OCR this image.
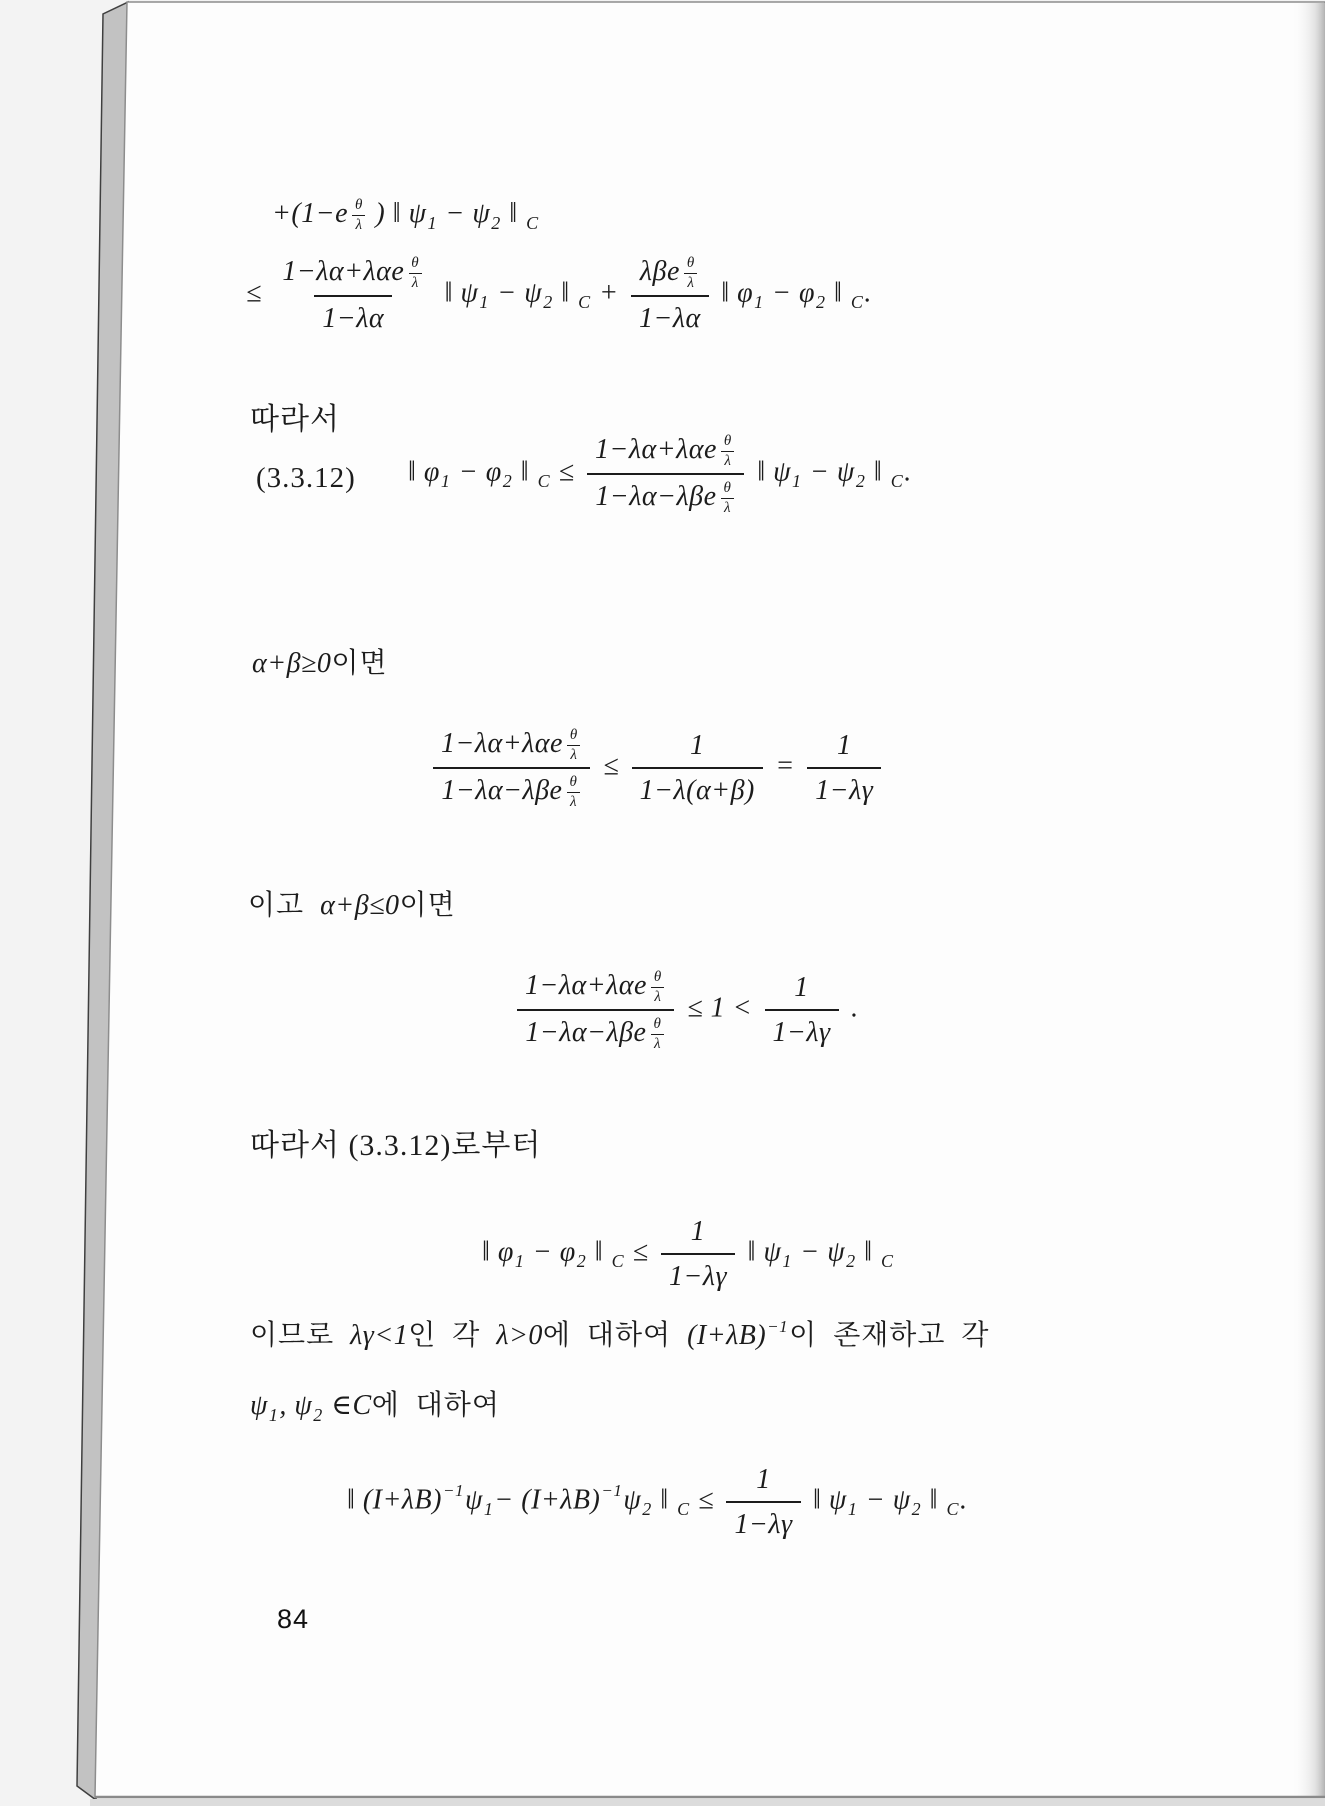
$+(1-e \frac{\theta}{\lambda}$ ) ‖ $\psi_1 - \psi_2$ ‖ $_C$
≤ $\frac{1-\lambda\alpha+\lambda\alpha e \frac{\theta}{\lambda}}{1-\lambda\alpha}$ ‖ $\psi_1 - \psi_2$ ‖ $_C + \frac{\lambda\beta e \frac{\theta}{\lambda}}{1-\lambda\alpha}$ ‖ $\varphi_1 - \varphi_2$ ‖ $_C$.
따라서
(3.3.12) ‖ $\varphi_1 - \varphi_2$ ‖ $_C \le \frac{1-\lambda\alpha+\lambda\alpha e \frac{\theta}{\lambda}}{1-\lambda\alpha-\lambda\beta e \frac{\theta}{\lambda}}$ ‖ $\psi_1 - \psi_2$ ‖ $_C$.
α+β≥0이면
$\frac{1-\lambda\alpha+\lambda\alpha e \frac{\theta}{\lambda}}{1-\lambda\alpha-\lambda\beta e \frac{\theta}{\lambda}} \le \frac{1}{1-\lambda(\alpha+\beta)} = \frac{1}{1-\lambda\gamma}$
이고  α+β≤0이면
$\frac{1-\lambda\alpha+\lambda\alpha e \frac{\theta}{\lambda}}{1-\lambda\alpha-\lambda\beta e \frac{\theta}{\lambda}} \le 1 < \frac{1}{1-\lambda\gamma}$ .
따라서 (3.3.12)로부터
‖ $\varphi_1 - \varphi_2$ ‖ $_C \le \frac{1}{1-\lambda\gamma}$ ‖ $\psi_1 - \psi_2$ ‖ $_C$
이므로  λγ<1인  각  λ>0에  대하여  $(I+\lambda B)^{-1}$이  존재하고  각
$\psi_1$, $\psi_2$ ∈C에  대하여
‖ $(I+\lambda B)^{-1}\psi_1- (I+\lambda B)^{-1}\psi_2$ ‖ $_C \le \frac{1}{1-\lambda\gamma}$ ‖ $\psi_1 - \psi_2$ ‖ $_C$.
84
